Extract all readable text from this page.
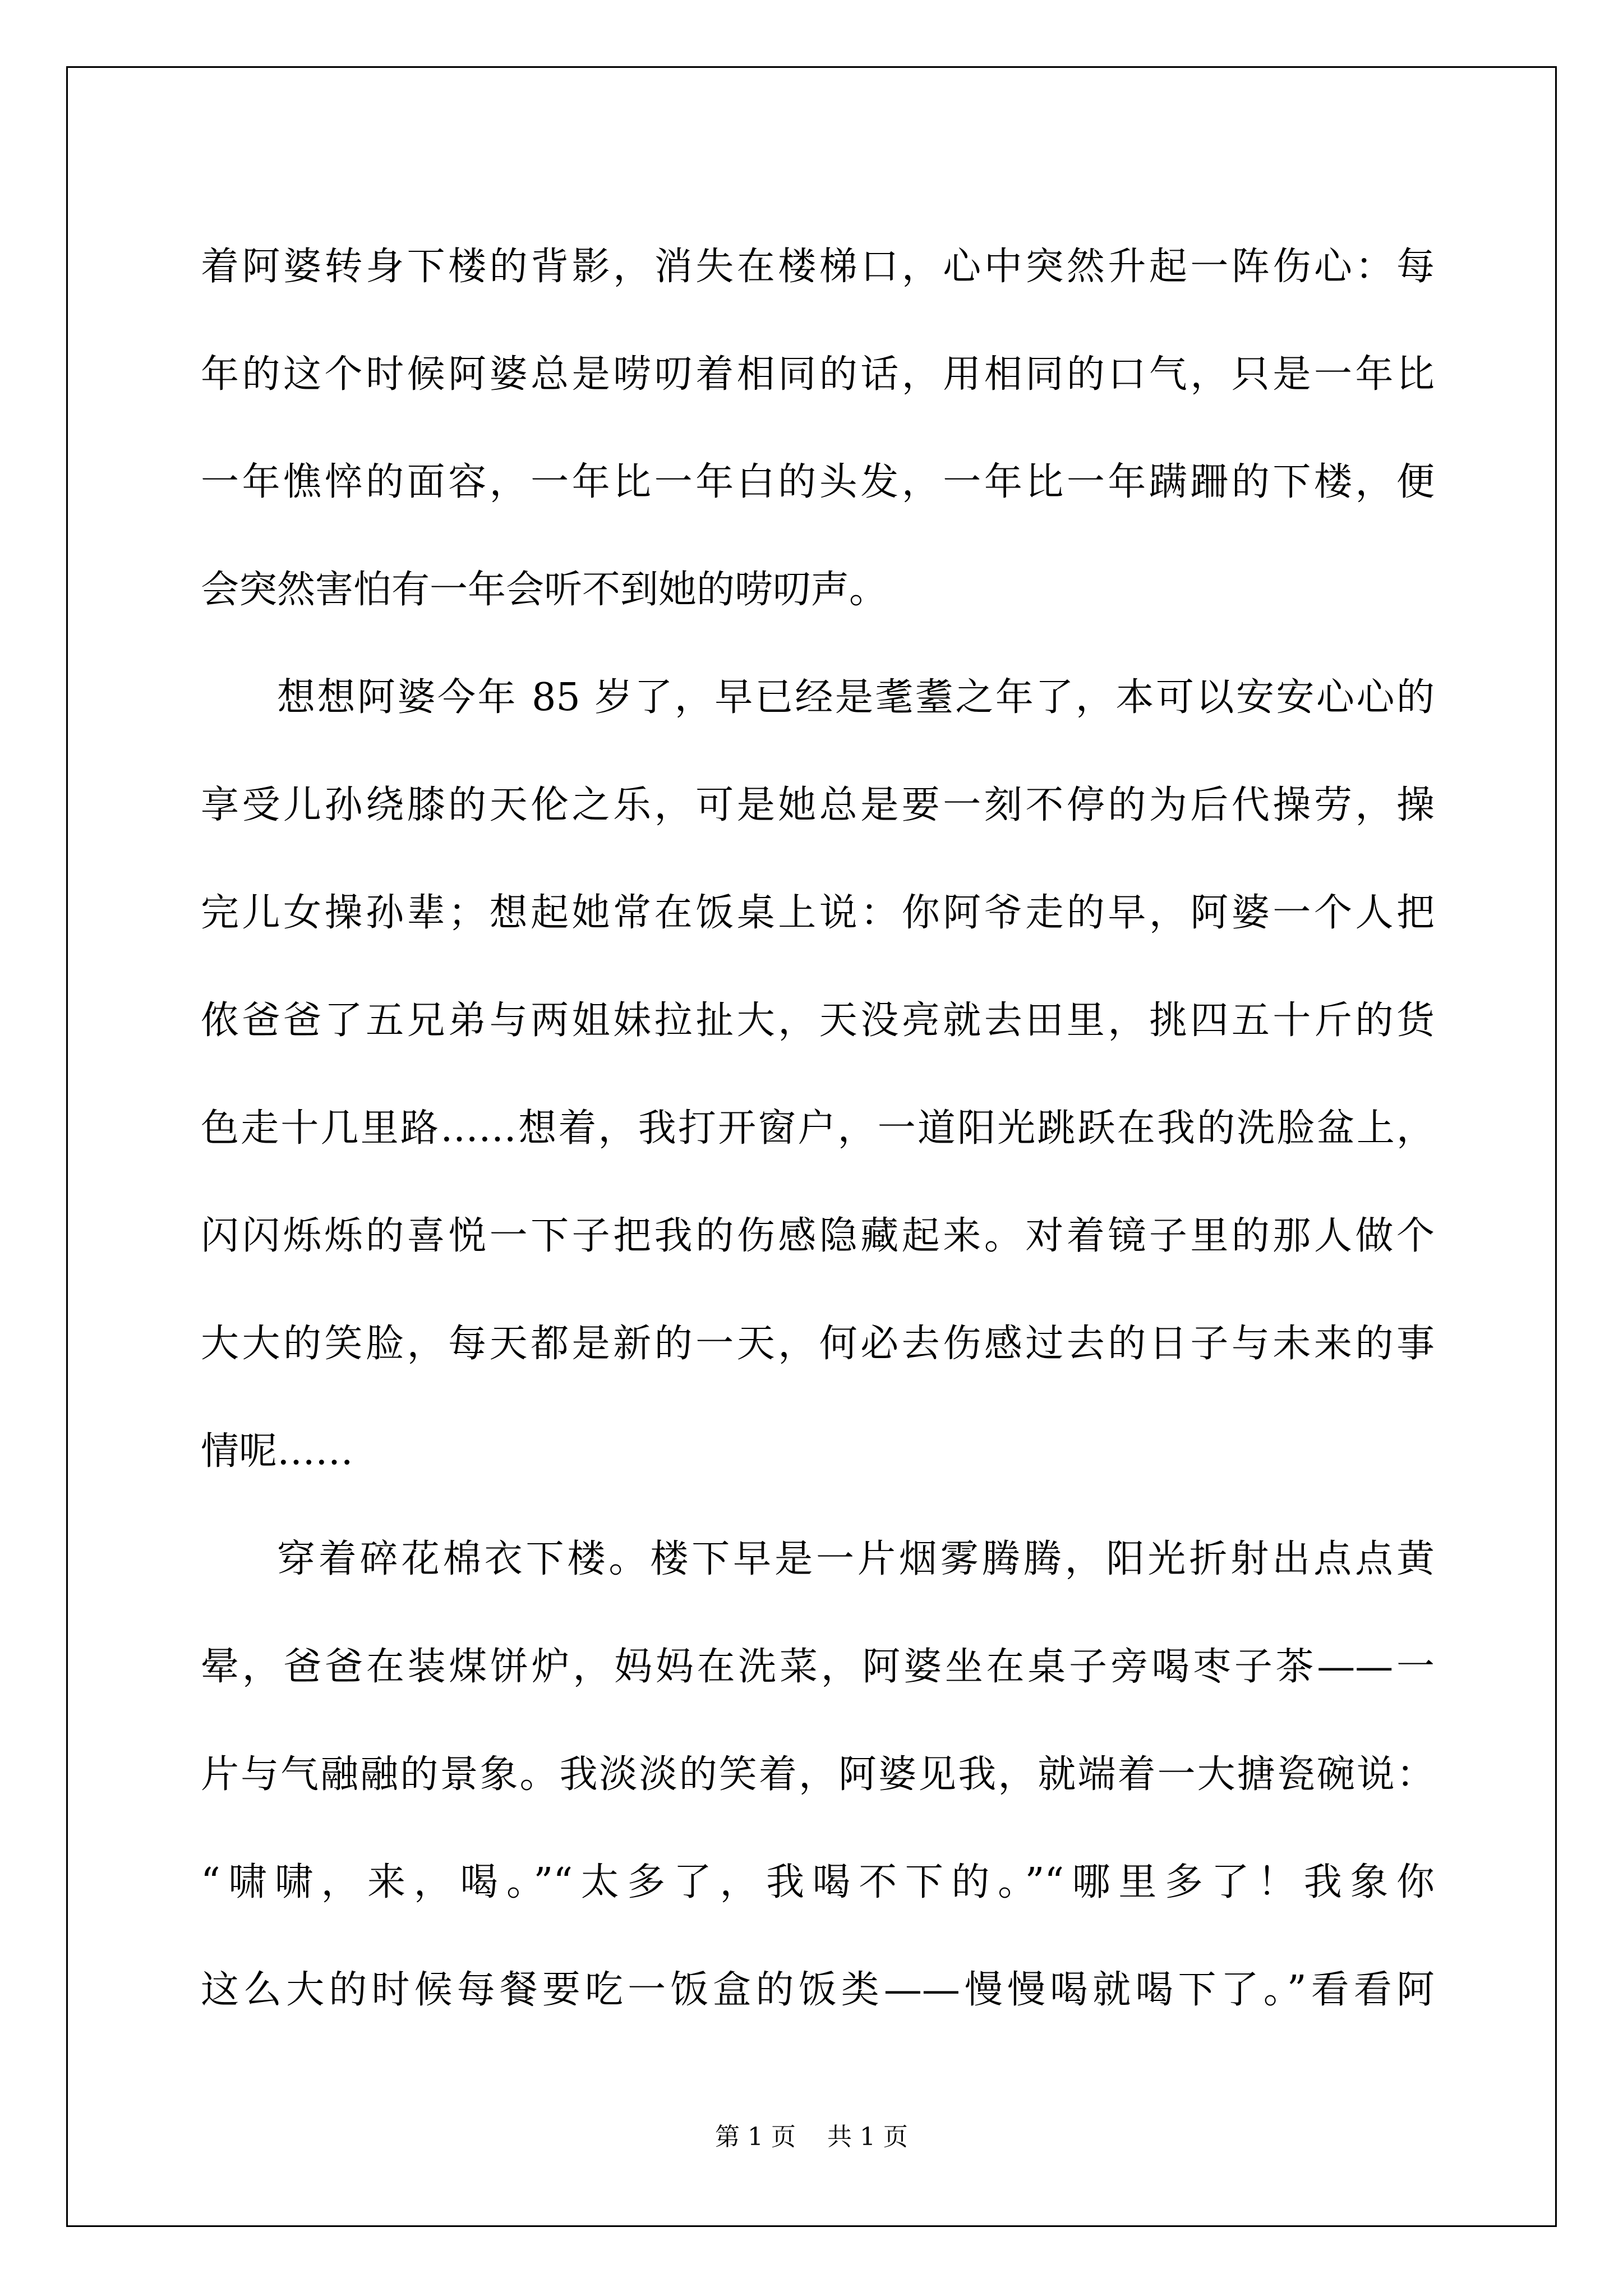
着阿婆转身下楼的背影，消失在楼梯口，心中突然升起一阵伤心：每
年的这个时候阿婆总是唠叨着相同的话，用相同的口气，只是一年比
一年憔悴的面容，一年比一年白的头发，一年比一年蹒跚的下楼，便
会突然害怕有一年会听不到她的唠叨声。
想想阿婆今年 85 岁了，早已经是耄耋之年了，本可以安安心心的
享受儿孙绕膝的天伦之乐，可是她总是要一刻不停的为后代操劳，操
完儿女操孙辈；想起她常在饭桌上说：你阿爷走的早，阿婆一个人把
侬爸爸了五兄弟与两姐妹拉扯大，天没亮就去田里，挑四五十斤的货
色走十几里路……想着，我打开窗户，一道阳光跳跃在我的洗脸盆上，
闪闪烁烁的喜悦一下子把我的伤感隐藏起来。对着镜子里的那人做个
大大的笑脸，每天都是新的一天，何必去伤感过去的日子与未来的事
情呢……
穿着碎花棉衣下楼。楼下早是一片烟雾腾腾，阳光折射出点点黄
晕，爸爸在装煤饼炉，妈妈在洗菜，阿婆坐在桌子旁喝枣子茶——一
片与气融融的景象。我淡淡的笑着，阿婆见我，就端着一大搪瓷碗说：
“啸啸，来，喝。”“太多了，我喝不下的。”“哪里多了！我象你
这么大的时候每餐要吃一饭盒的饭类——慢慢喝就喝下了。”看看阿
第 1 页    共 1 页
